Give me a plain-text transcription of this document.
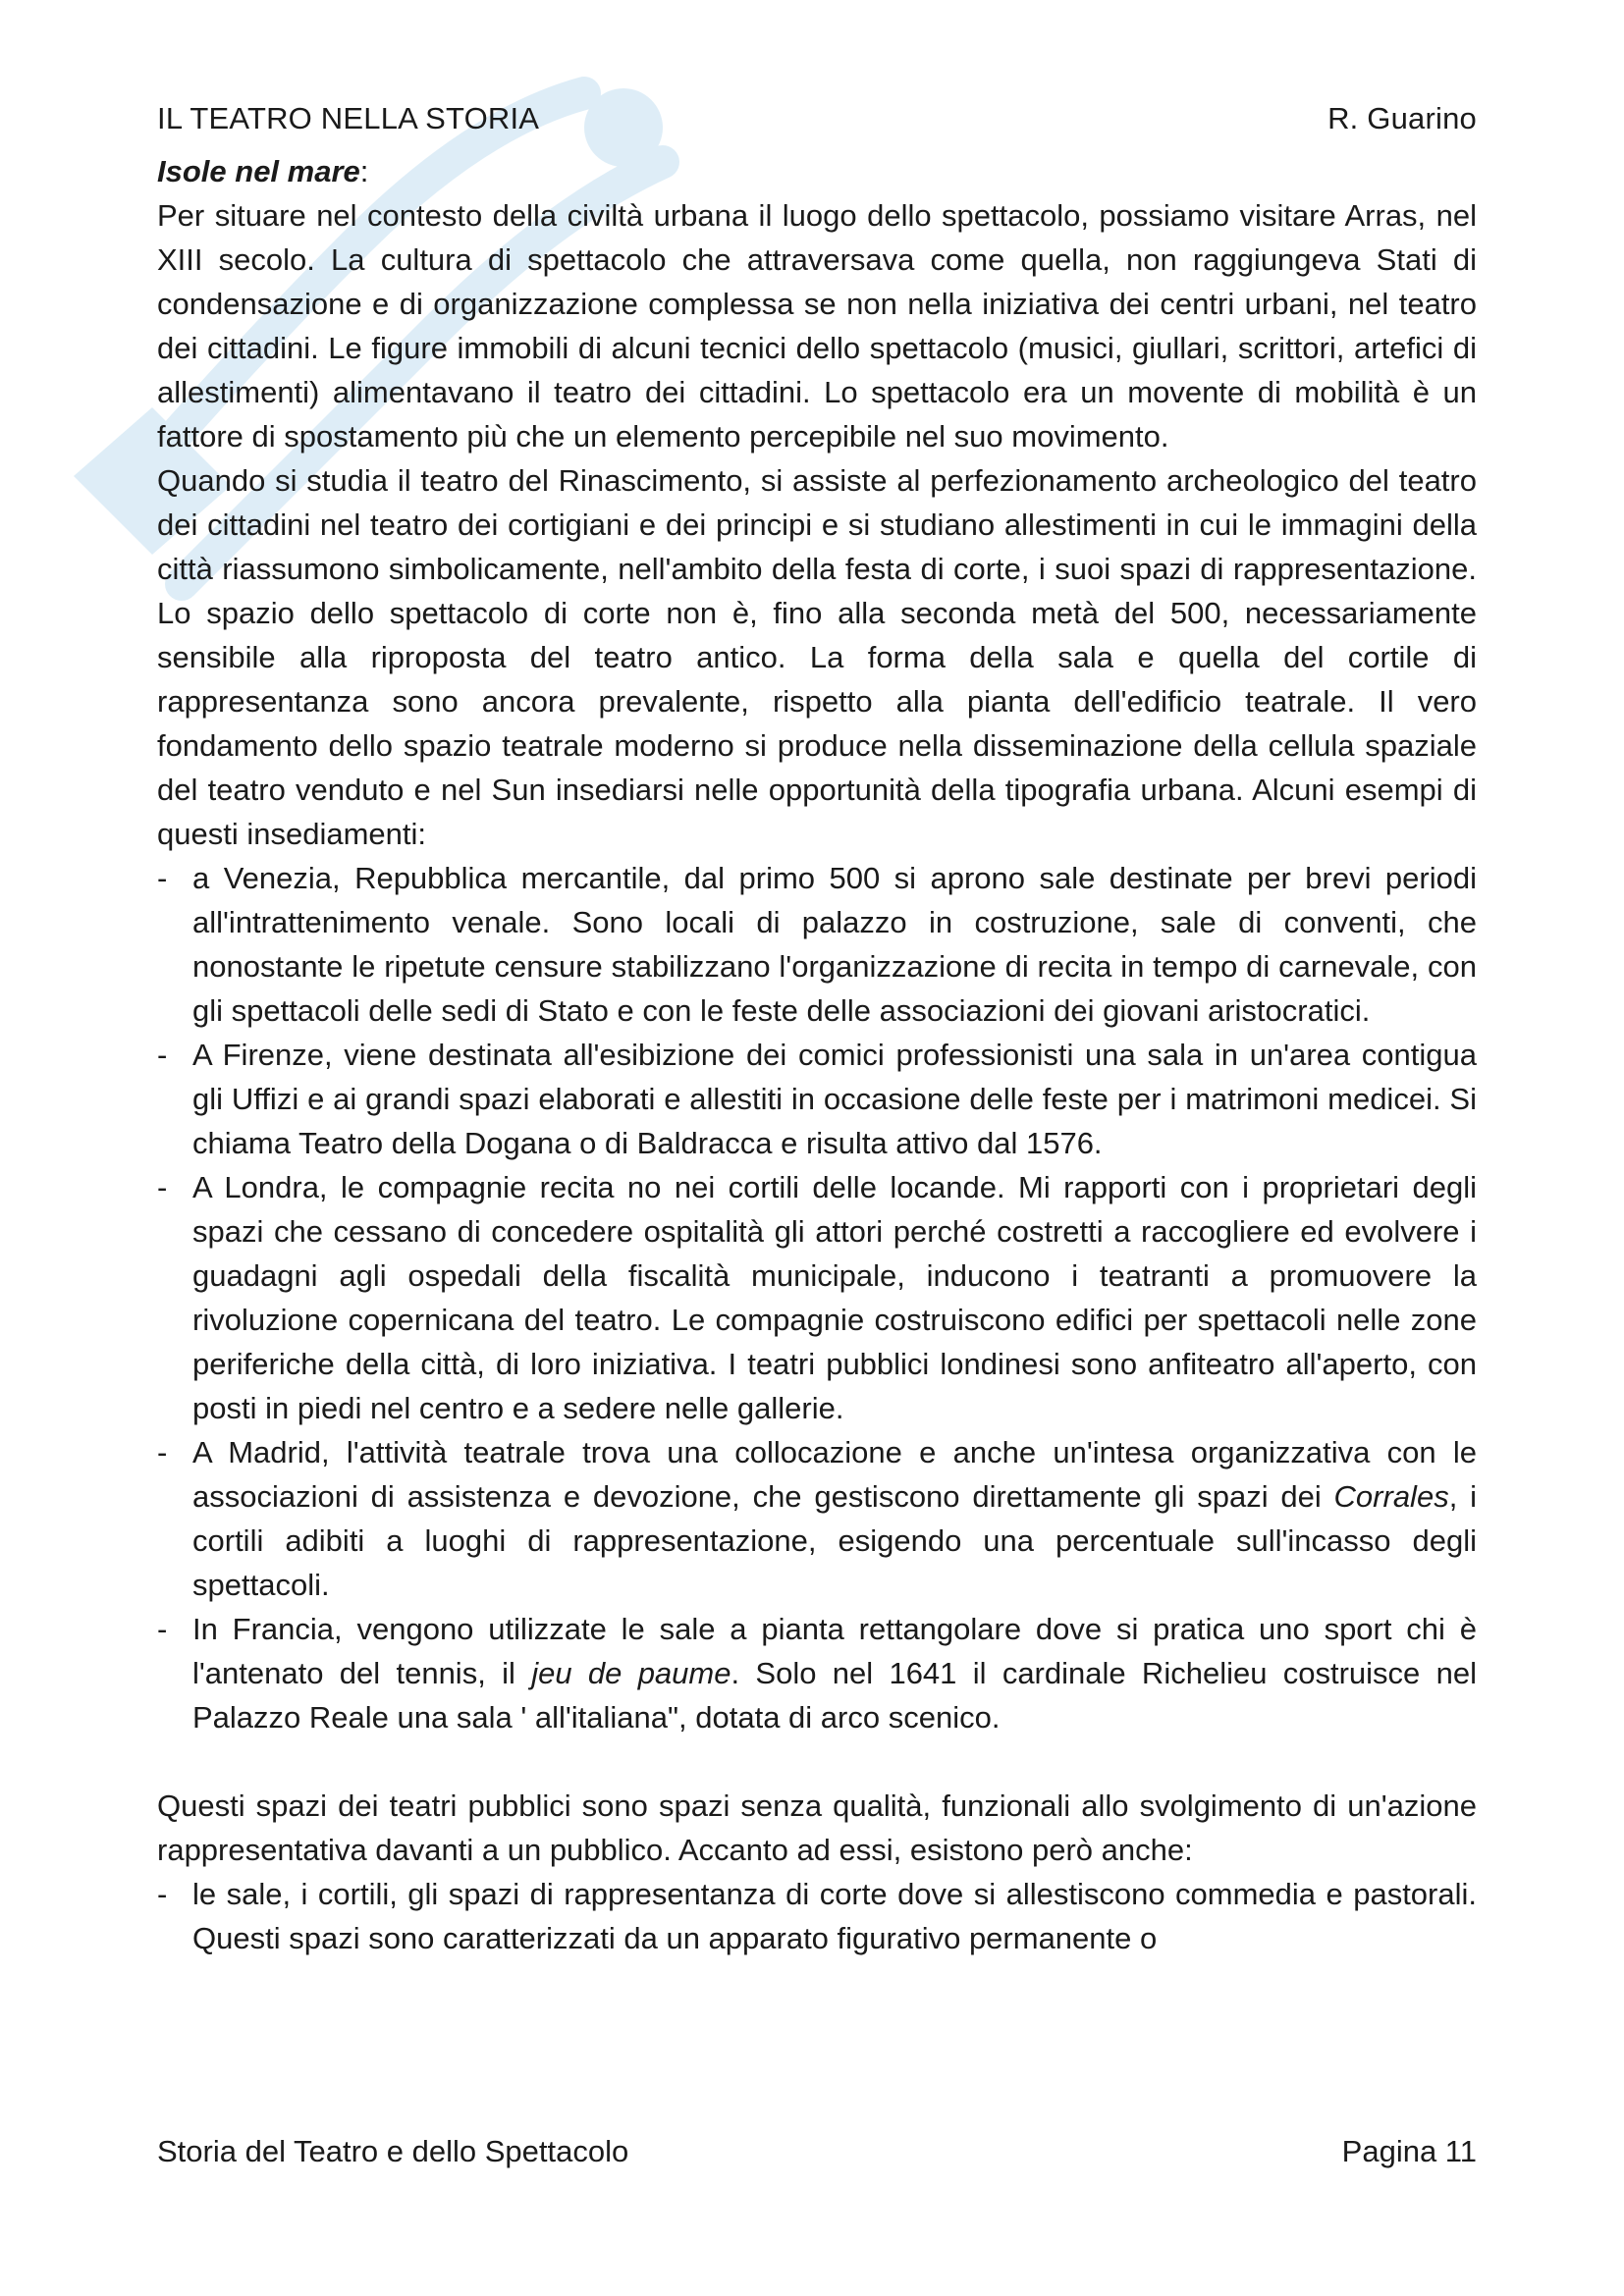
IL TEATRO NELLA STORIA	R. Guarino

Isole nel mare:

Per situare nel contesto della civiltà urbana il luogo dello spettacolo, possiamo visitare Arras, nel XIII secolo. La cultura di spettacolo che attraversava come quella, non raggiungeva Stati di condensazione e di organizzazione complessa se non nella iniziativa dei centri urbani, nel teatro dei cittadini. Le figure immobili di alcuni tecnici dello spettacolo (musici, giullari, scrittori, artefici di allestimenti) alimentavano il teatro dei cittadini. Lo spettacolo era un movente di mobilità è un fattore di spostamento più che un elemento percepibile nel suo movimento.

Quando si studia il teatro del Rinascimento, si assiste al perfezionamento archeologico del teatro dei cittadini nel teatro dei cortigiani e dei principi e si studiano allestimenti in cui le immagini della città riassumono simbolicamente, nell'ambito della festa di corte, i suoi spazi di rappresentazione. Lo spazio dello spettacolo di corte non è, fino alla seconda metà del 500, necessariamente sensibile alla riproposta del teatro antico. La forma della sala e quella del cortile di rappresentanza sono ancora prevalente, rispetto alla pianta dell'edificio teatrale. Il vero fondamento dello spazio teatrale moderno si produce nella disseminazione della cellula spaziale del teatro venduto e nel Sun insediarsi nelle opportunità della tipografia urbana. Alcuni esempi di questi insediamenti:

- a Venezia, Repubblica mercantile, dal primo 500 si aprono sale destinate per brevi periodi all'intrattenimento venale. Sono locali di palazzo in costruzione, sale di conventi, che nonostante le ripetute censure stabilizzano l'organizzazione di recita in tempo di carnevale, con gli spettacoli delle sedi di Stato e con le feste delle associazioni dei giovani aristocratici.
- A Firenze, viene destinata all'esibizione dei comici professionisti una sala in un'area contigua gli Uffizi e ai grandi spazi elaborati e allestiti in occasione delle feste per i matrimoni medicei. Si chiama Teatro della Dogana o di Baldracca e risulta attivo dal 1576.
- A Londra, le compagnie recita no nei cortili delle locande. Mi rapporti con i proprietari degli spazi che cessano di concedere ospitalità gli attori perché costretti a raccogliere ed evolvere i guadagni agli ospedali della fiscalità municipale, inducono i teatranti a promuovere la rivoluzione copernicana del teatro. Le compagnie costruiscono edifici per spettacoli nelle zone periferiche della città, di loro iniziativa. I teatri pubblici londinesi sono anfiteatro all'aperto, con posti in piedi nel centro e a sedere nelle gallerie.
- A Madrid, l'attività teatrale trova una collocazione e anche un'intesa organizzativa con le associazioni di assistenza e devozione, che gestiscono direttamente gli spazi dei Corrales, i cortili adibiti a luoghi di rappresentazione, esigendo una percentuale sull'incasso degli spettacoli.
- In Francia, vengono utilizzate le sale a pianta rettangolare dove si pratica uno sport chi è l'antenato del tennis, il jeu de paume. Solo nel 1641 il cardinale Richelieu costruisce nel Palazzo Reale una sala ' all'italiana", dotata di arco scenico.

Questi spazi dei teatri pubblici sono spazi senza qualità, funzionali allo svolgimento di un'azione rappresentativa davanti a un pubblico. Accanto ad essi, esistono però anche:

- le sale, i cortili, gli spazi di rappresentanza di corte dove si allestiscono commedia e pastorali. Questi spazi sono caratterizzati da un apparato figurativo permanente o
Storia del Teatro e dello Spettacolo	Pagina 11
